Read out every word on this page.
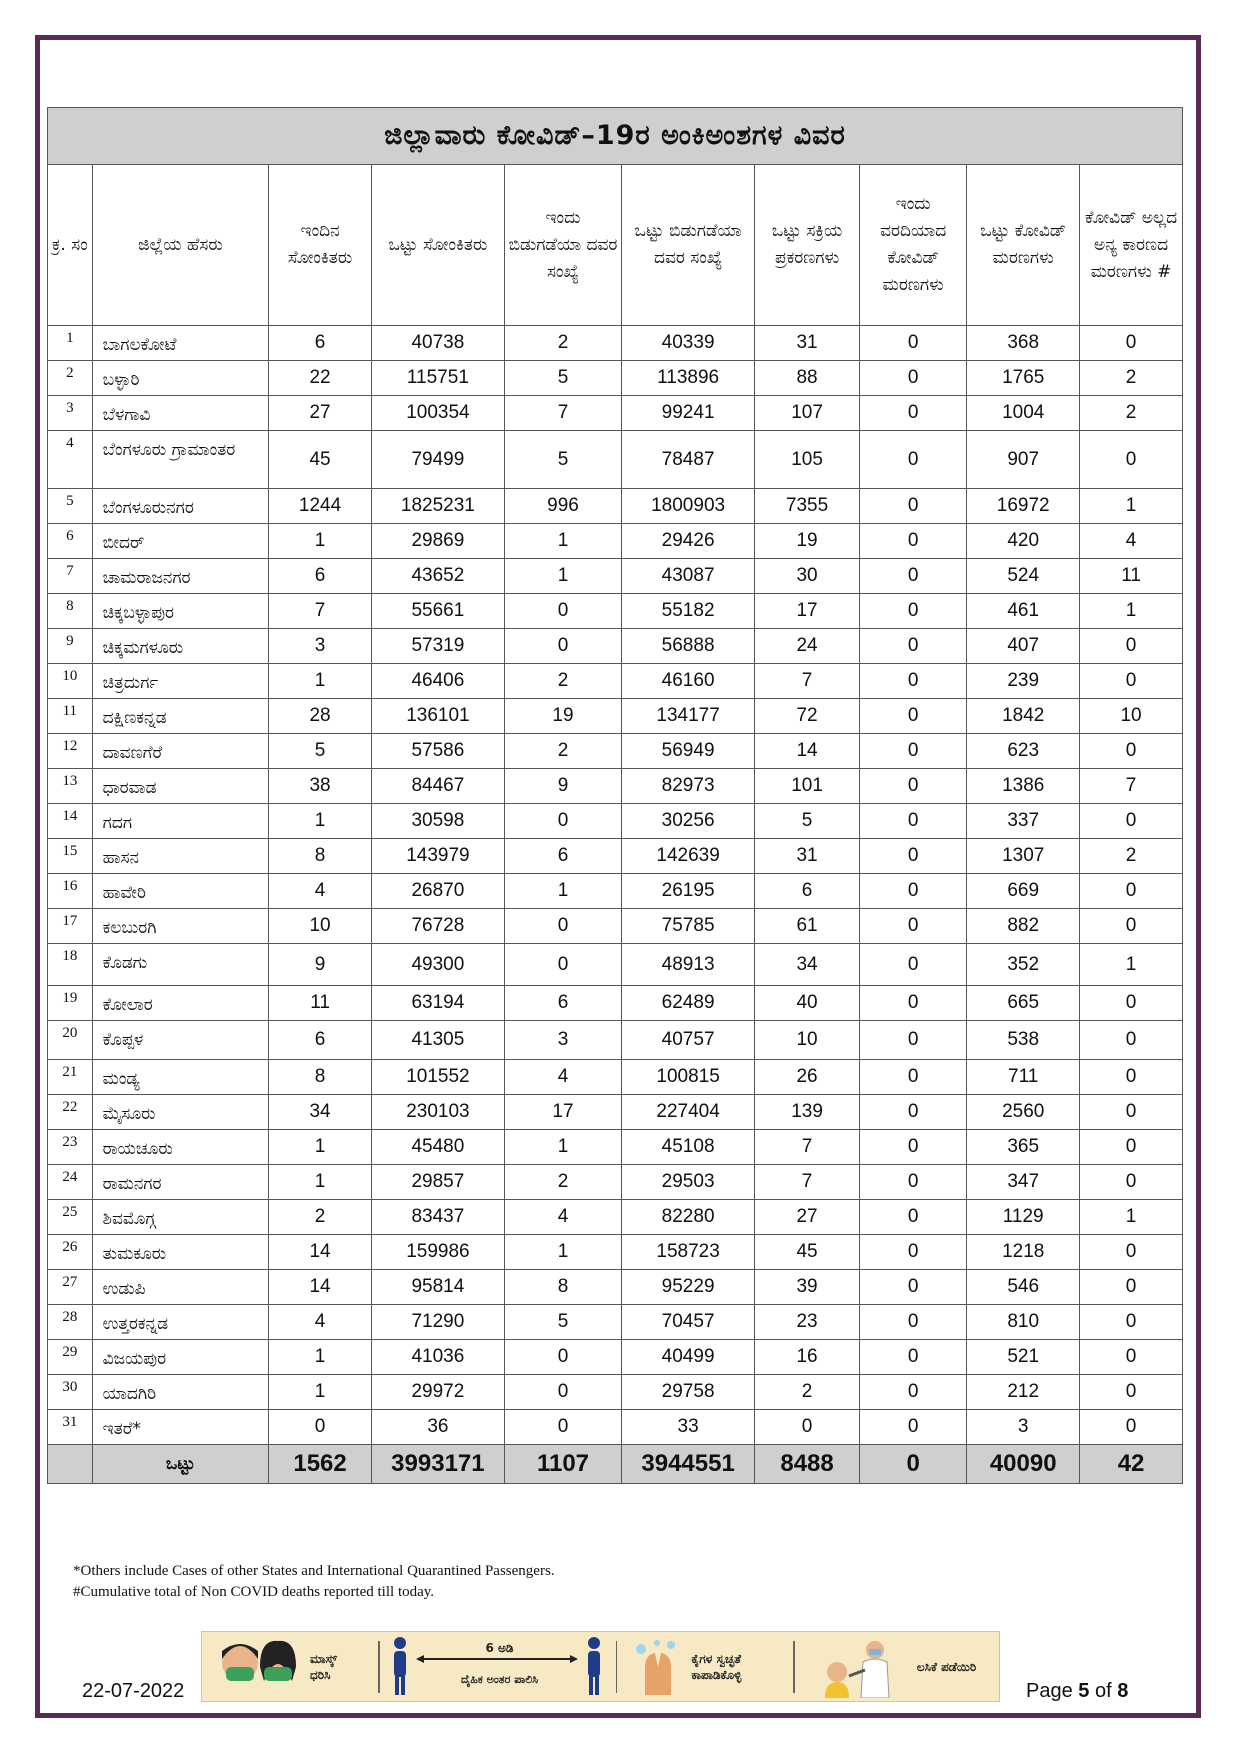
ಜಿಲ್ಲಾವಾರು ಕೋವಿಡ್–19ರ ಅಂಕಿಅಂಶಗಳ ವಿವರ									
ಕ್ರ. ಸಂ	ಜಿಲ್ಲೆಯ ಹೆಸರು	ಇಂದಿನ ಸೋಂಕಿತರು	ಒಟ್ಟು ಸೋಂಕಿತರು	ಇಂದು ಬಿಡುಗಡೆಯಾ ದವರ ಸಂಖ್ಯೆ	ಒಟ್ಟು ಬಿಡುಗಡೆಯಾ ದವರ ಸಂಖ್ಯೆ	ಒಟ್ಟು ಸಕ್ರಿಯ ಪ್ರಕರಣಗಳು	ಇಂದು ವರದಿಯಾದ ಕೋವಿಡ್ ಮರಣಗಳು	ಒಟ್ಟು ಕೋವಿಡ್ ಮರಣಗಳು	ಕೋವಿಡ್ ಅಲ್ಲದ ಅನ್ಯ ಕಾರಣದ ಮರಣಗಳು #
1	ಬಾಗಲಕೋಟೆ	6	40738	2	40339	31	0	368	0
2	ಬಳ್ಳಾರಿ	22	115751	5	113896	88	0	1765	2
3	ಬೆಳಗಾವಿ	27	100354	7	99241	107	0	1004	2
4	ಬೆಂಗಳೂರು ಗ್ರಾಮಾಂತರ	45	79499	5	78487	105	0	907	0
5	ಬೆಂಗಳೂರುನಗರ	1244	1825231	996	1800903	7355	0	16972	1
6	ಬೀದರ್	1	29869	1	29426	19	0	420	4
7	ಚಾಮರಾಜನಗರ	6	43652	1	43087	30	0	524	11
8	ಚಿಕ್ಕಬಳ್ಳಾಪುರ	7	55661	0	55182	17	0	461	1
9	ಚಿಕ್ಕಮಗಳೂರು	3	57319	0	56888	24	0	407	0
10	ಚಿತ್ರದುರ್ಗ	1	46406	2	46160	7	0	239	0
11	ದಕ್ಷಿಣಕನ್ನಡ	28	136101	19	134177	72	0	1842	10
12	ದಾವಣಗೆರೆ	5	57586	2	56949	14	0	623	0
13	ಧಾರವಾಡ	38	84467	9	82973	101	0	1386	7
14	ಗದಗ	1	30598	0	30256	5	0	337	0
15	ಹಾಸನ	8	143979	6	142639	31	0	1307	2
16	ಹಾವೇರಿ	4	26870	1	26195	6	0	669	0
17	ಕಲಬುರಗಿ	10	76728	0	75785	61	0	882	0
18	ಕೊಡಗು	9	49300	0	48913	34	0	352	1
19	ಕೋಲಾರ	11	63194	6	62489	40	0	665	0
20	ಕೊಪ್ಪಳ	6	41305	3	40757	10	0	538	0
21	ಮಂಡ್ಯ	8	101552	4	100815	26	0	711	0
22	ಮೈಸೂರು	34	230103	17	227404	139	0	2560	0
23	ರಾಯಚೂರು	1	45480	1	45108	7	0	365	0
24	ರಾಮನಗರ	1	29857	2	29503	7	0	347	0
25	ಶಿವಮೊಗ್ಗ	2	83437	4	82280	27	0	1129	1
26	ತುಮಕೂರು	14	159986	1	158723	45	0	1218	0
27	ಉಡುಪಿ	14	95814	8	95229	39	0	546	0
28	ಉತ್ತರಕನ್ನಡ	4	71290	5	70457	23	0	810	0
29	ವಿಜಯಪುರ	1	41036	0	40499	16	0	521	0
30	ಯಾದಗಿರಿ	1	29972	0	29758	2	0	212	0
31	ಇತರೆ*	0	36	0	33	0	0	3	0
	ಒಟ್ಟು	1562	3993171	1107	3944551	8488	0	40090	42
*Others include Cases of other States and International Quarantined Passengers.
#Cumulative total of Non COVID deaths reported till today.
ಮಾಸ್ಕ್ ಧರಿಸಿ
6 ಅಡಿ
ದೈಹಿಕ ಅಂತರ ಪಾಲಿಸಿ
ಕೈಗಳ ಸ್ವಚ್ಛತೆ ಕಾಪಾಡಿಕೊಳ್ಳಿ
ಲಸಿಕೆ ಪಡೆಯಿರಿ
22-07-2022	Page 5 of 8
